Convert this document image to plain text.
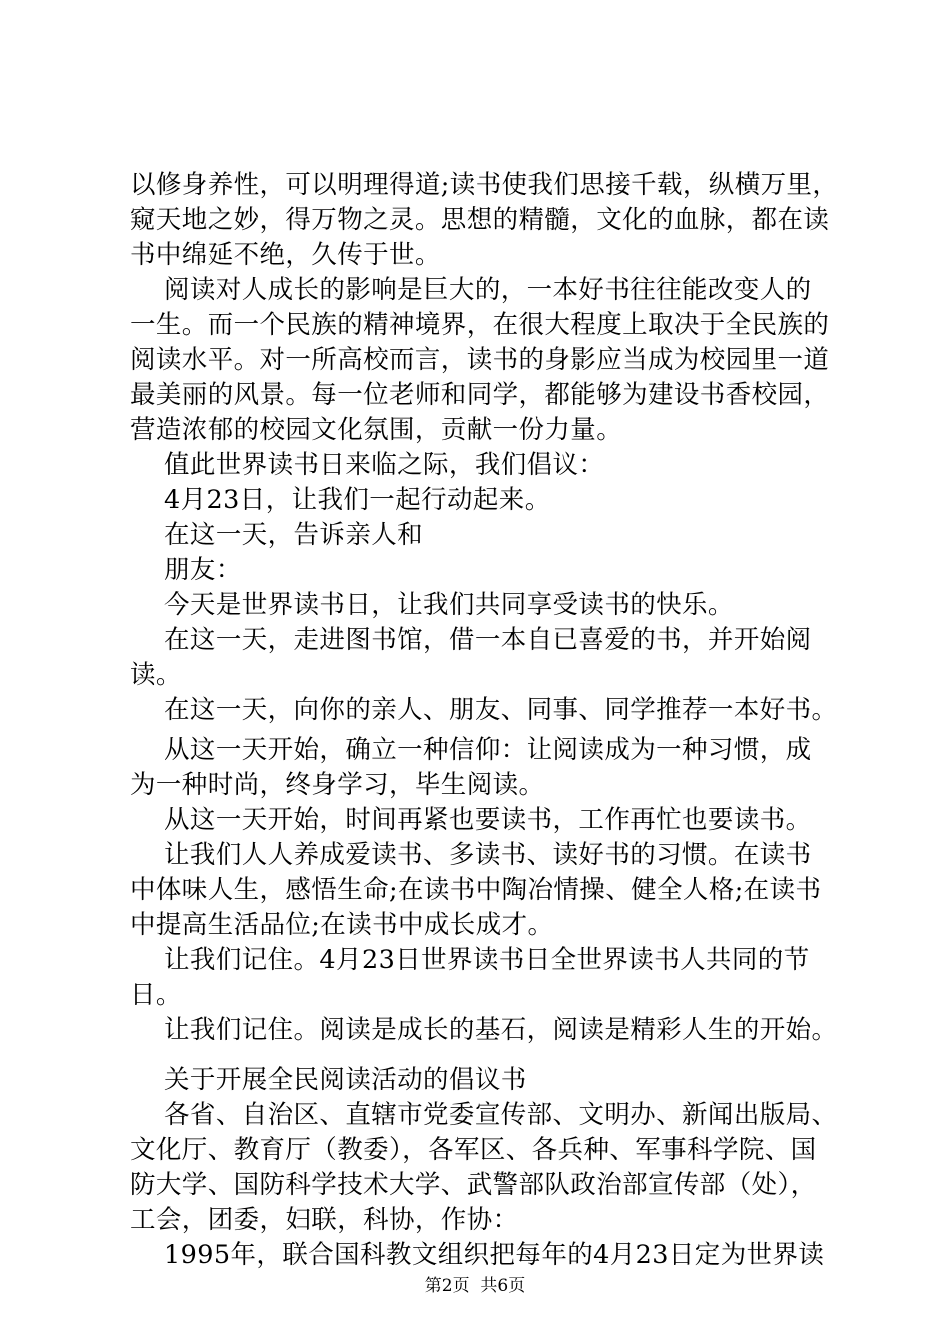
以修身养性，可以明理得道;读书使我们思接千载，纵横万里，
窥天地之妙，得万物之灵。思想的精髓，文化的血脉，都在读
书中绵延不绝，久传于世。
阅读对人成长的影响是巨大的，一本好书往往能改变人的
一生。而一个民族的精神境界，在很大程度上取决于全民族的
阅读水平。对一所高校而言，读书的身影应当成为校园里一道
最美丽的风景。每一位老师和同学，都能够为建设书香校园，
营造浓郁的校园文化氛围，贡献一份力量。
值此世界读书日来临之际，我们倡议：
4月23日，让我们一起行动起来。
在这一天，告诉亲人和
朋友：
今天是世界读书日，让我们共同享受读书的快乐。
在这一天，走进图书馆，借一本自已喜爱的书，并开始阅
读。
在这一天，向你的亲人、朋友、同事、同学推荐一本好书。
从这一天开始，确立一种信仰：让阅读成为一种习惯，成
为一种时尚，终身学习，毕生阅读。
从这一天开始，时间再紧也要读书，工作再忙也要读书。
让我们人人养成爱读书、多读书、读好书的习惯。在读书
中体味人生，感悟生命;在读书中陶冶情操、健全人格;在读书
中提高生活品位;在读书中成长成才。
让我们记住。4月23日世界读书日全世界读书人共同的节
日。
让我们记住。阅读是成长的基石，阅读是精彩人生的开始。
关于开展全民阅读活动的倡议书
各省、自治区、直辖市党委宣传部、文明办、新闻出版局、
文化厅、教育厅（教委），各军区、各兵种、军事科学院、国
防大学、国防科学技术大学、武警部队政治部宣传部（处），
工会，团委，妇联，科协，作协：
1995年，联合国科教文组织把每年的4月23日定为世界读
第2页  共6页
